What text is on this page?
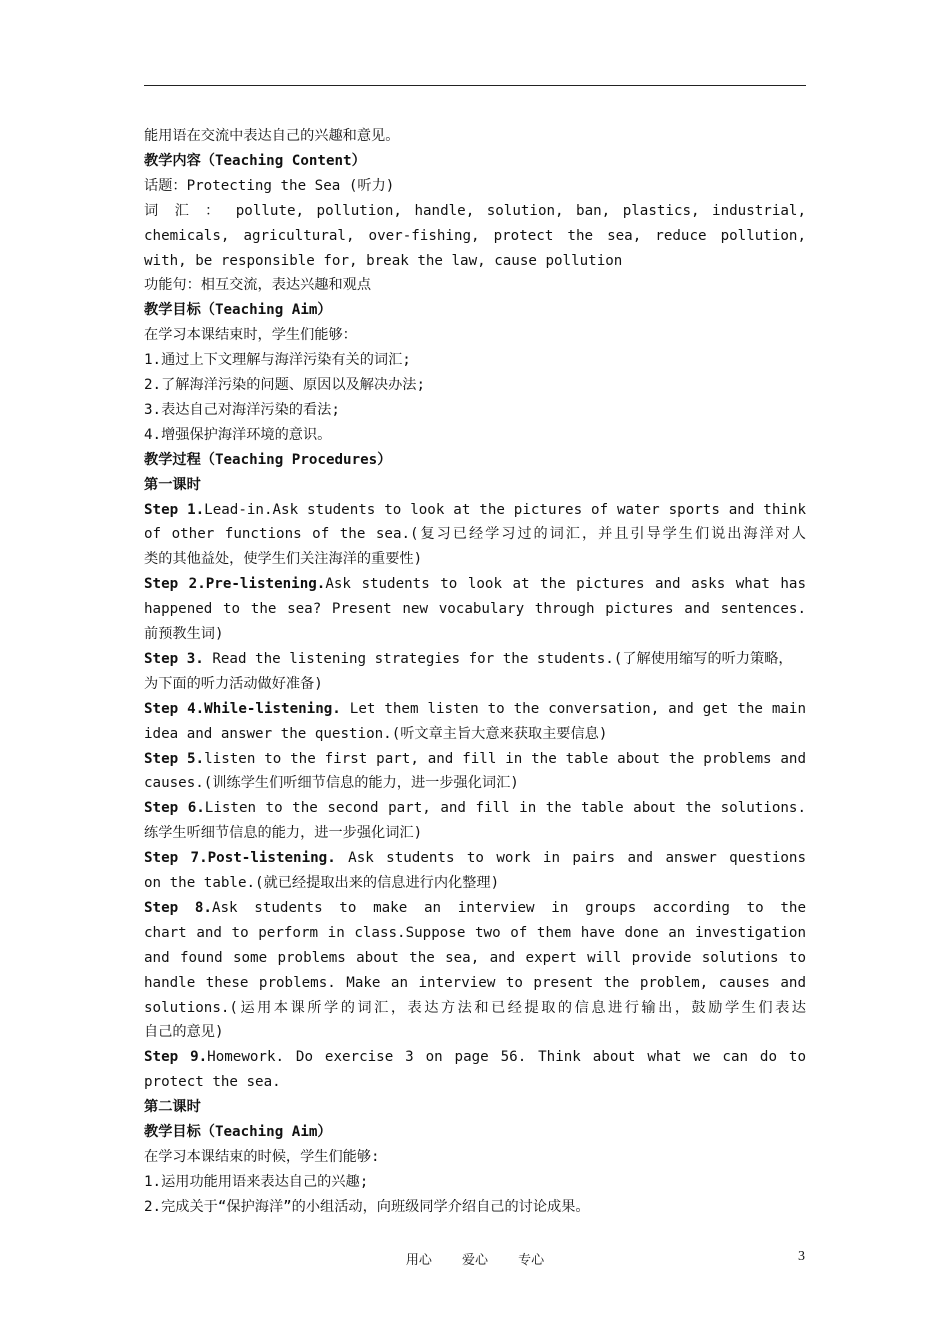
能用语在交流中表达自己的兴趣和意见。
教学内容（Teaching Content）
话题：Protecting the Sea (听力)
词 汇 ： pollute, pollution, handle, solution, ban, plastics, industrial,
chemicals, agricultural, over-fishing, protect the sea, reduce pollution,
with, be responsible for, break the law, cause pollution
功能句：相互交流，表达兴趣和观点
教学目标（Teaching Aim）
在学习本课结束时，学生们能够：
1.通过上下文理解与海洋污染有关的词汇;
2.了解海洋污染的问题、原因以及解决办法;
3.表达自己对海洋污染的看法;
4.增强保护海洋环境的意识。
教学过程（Teaching Procedures）
第一课时
Step 1.Lead-in.Ask students to look at the pictures of water sports and think
of other functions of the sea.(复习已经学习过的词汇，并且引导学生们说出海洋对人
类的其他益处，使学生们关注海洋的重要性)
Step 2.Pre-listening.Ask students to look at the pictures and asks what has
happened to the sea? Present new vocabulary through pictures and sentences.
前预教生词)
Step 3. Read the listening strategies for the students.(了解使用缩写的听力策略，
为下面的听力活动做好准备)
Step 4.While-listening. Let them listen to the conversation, and get the main
idea and answer the question.(听文章主旨大意来获取主要信息)
Step 5.listen to the first part, and fill in the table about the problems and
causes.(训练学生们听细节信息的能力，进一步强化词汇)
Step 6.Listen to the second part, and fill in the table about the solutions.
练学生听细节信息的能力，进一步强化词汇)
Step 7.Post-listening. Ask students to work in pairs and answer questions
on the table.(就已经提取出来的信息进行内化整理)
Step 8.Ask students to make an interview in groups according to the
chart and to perform in class.Suppose two of them have done an investigation
and found some problems about the sea, and expert will provide solutions to
handle these problems. Make an interview to present the problem, causes and
solutions.(运用本课所学的词汇，表达方法和已经提取的信息进行输出，鼓励学生们表达
自己的意见)
Step 9.Homework. Do exercise 3 on page 56. Think about what we can do to
protect the sea.
第二课时
教学目标（Teaching Aim）
在学习本课结束的时候，学生们能够:
1.运用功能用语来表达自己的兴趣;
2.完成关于“保护海洋”的小组活动，向班级同学介绍自己的讨论成果。
用心 爱心 专心	3
